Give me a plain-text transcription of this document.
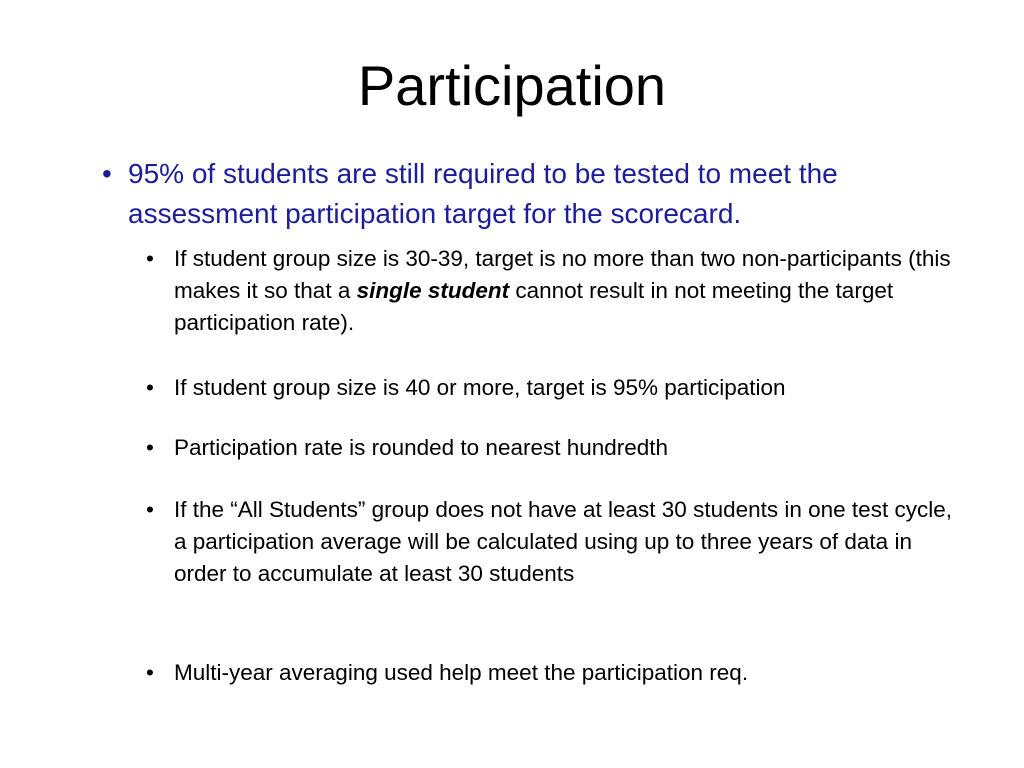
Participation
• 95% of students are still required to be tested to meet the assessment participation target for the scorecard.
• If student group size is 30-39, target is no more than two non-participants (this makes it so that a single student cannot result in not meeting the target participation rate).
• If student group size is 40 or more, target is 95% participation
• Participation rate is rounded to nearest hundredth
• If the “All Students” group does not have at least 30 students in one test cycle, a participation average will be calculated using up to three years of data in order to accumulate at least 30 students
• Multi-year averaging used help meet the participation req.
